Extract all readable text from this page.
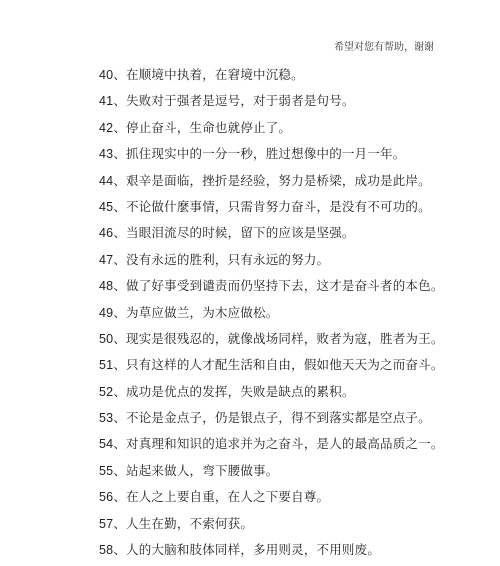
希望对您有帮助，谢谢
40、在顺境中执着，在窘境中沉稳。
41、失败对于强者是逗号，对于弱者是句号。
42、停止奋斗，生命也就停止了。
43、抓住现实中的一分一秒，胜过想像中的一月一年。
44、艰辛是面临，挫折是经验，努力是桥梁，成功是此岸。
45、不论做什麼事情，只需肯努力奋斗，是没有不可功的。
46、当眼泪流尽的时候，留下的应该是坚强。
47、没有永远的胜利，只有永远的努力。
48、做了好事受到谴责而仍坚持下去，这才是奋斗者的本色。
49、为草应做兰，为木应做松。
50、现实是很残忍的，就像战场同样，败者为寇，胜者为王。
51、只有这样的人才配生活和自由，假如他天天为之而奋斗。
52、成功是优点的发挥，失败是缺点的累积。
53、不论是金点子，仍是银点子，得不到落实都是空点子。
54、对真理和知识的追求并为之奋斗，是人的最高品质之一。
55、站起来做人，弯下腰做事。
56、在人之上要自重，在人之下要自尊。
57、人生在勤，不索何获。
58、人的大脑和肢体同样，多用则灵，不用则废。
